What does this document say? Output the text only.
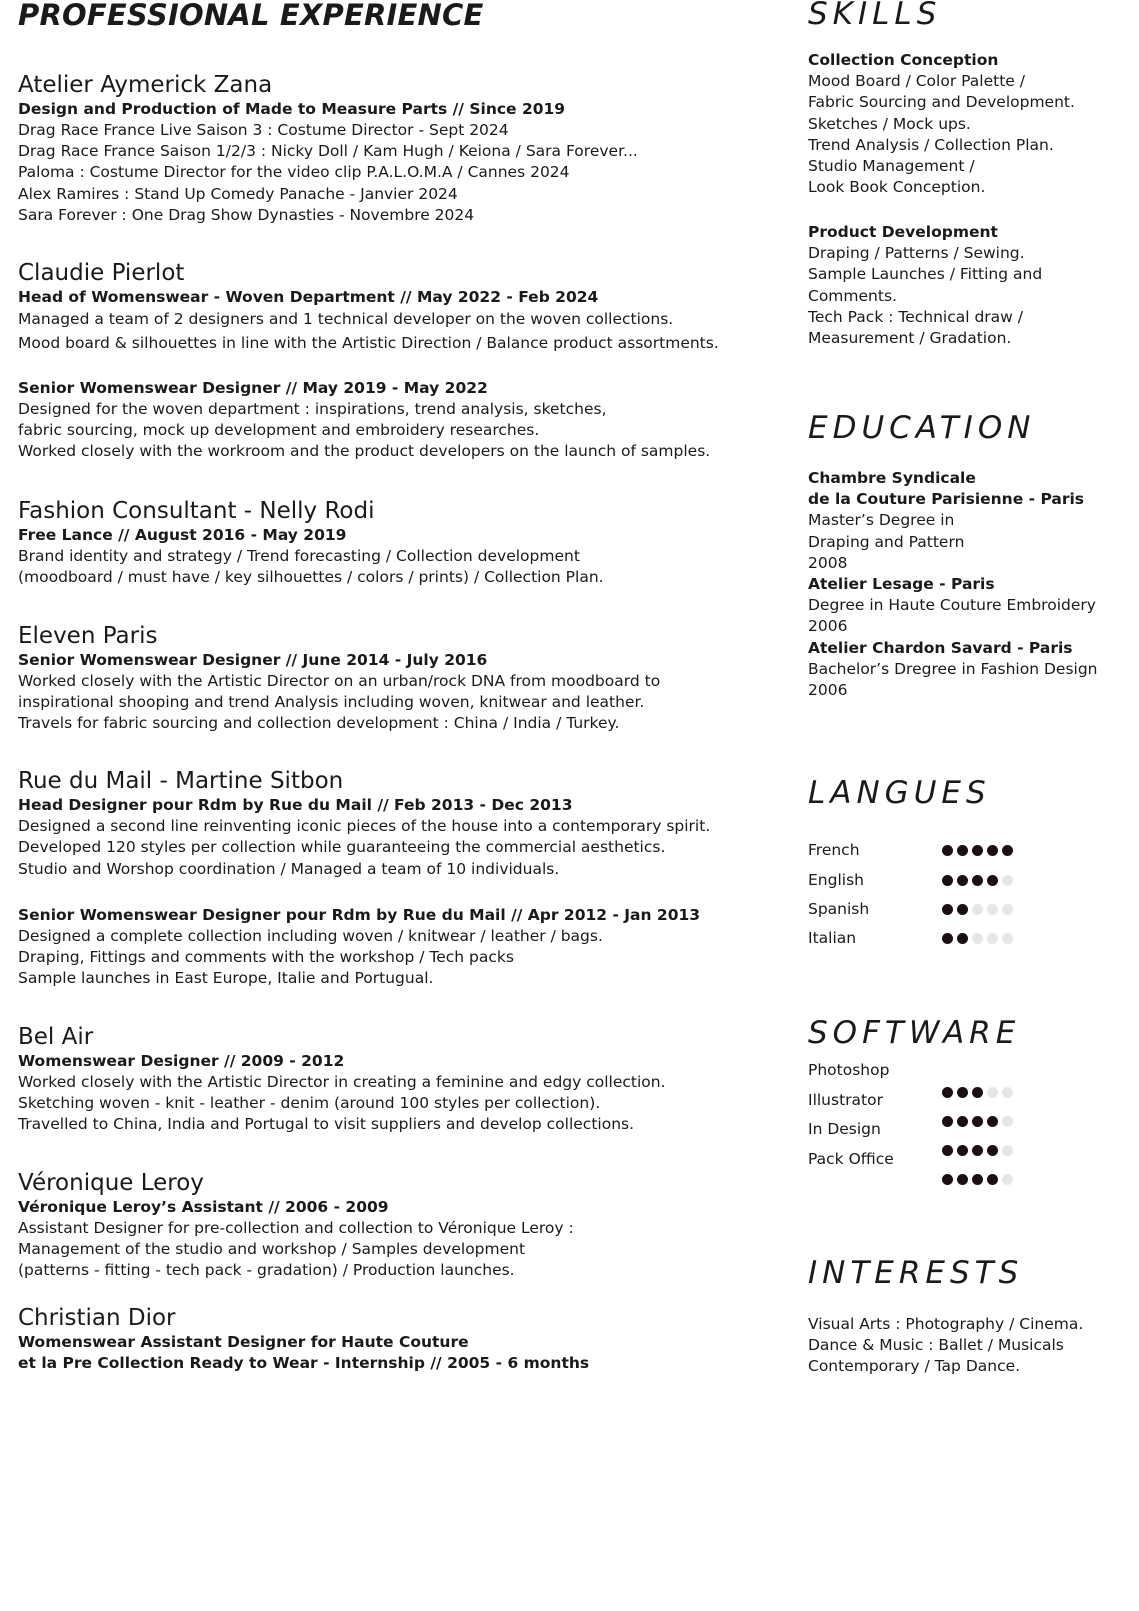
PROFESSIONAL EXPERIENCE
Atelier Aymerick Zana
Design and Production of Made to Measure Parts // Since 2019
Drag Race France Live Saison 3 : Costume Director - Sept 2024
Drag Race France Saison 1/2/3 : Nicky Doll / Kam Hugh / Keiona / Sara Forever...
Paloma : Costume Director for the video clip P.A.L.O.M.A / Cannes 2024
Alex Ramires : Stand Up Comedy Panache - Janvier 2024
Sara Forever : One Drag Show Dynasties - Novembre 2024
Claudie Pierlot
Head of Womenswear - Woven Department // May 2022 - Feb 2024
Managed a team of 2 designers and 1 technical developer on the woven collections.
Mood board & silhouettes in line with the Artistic Direction / Balance product assortments.
Senior Womenswear Designer // May 2019 - May 2022
Designed for the woven department : inspirations, trend analysis, sketches,
fabric sourcing, mock up development and embroidery researches.
Worked closely with the workroom and the product developers on the launch of samples.
Fashion Consultant - Nelly Rodi
Free Lance // August 2016 - May 2019
Brand identity and strategy / Trend forecasting / Collection development
(moodboard / must have / key silhouettes / colors / prints) / Collection Plan.
Eleven Paris
Senior Womenswear Designer // June 2014 - July 2016
Worked closely with the Artistic Director on an urban/rock DNA from moodboard to
inspirational shooping and trend Analysis including woven, knitwear and leather.
Travels for fabric sourcing and collection development : China / India / Turkey.
Rue du Mail - Martine Sitbon
Head Designer pour Rdm by Rue du Mail // Feb 2013 - Dec 2013
Designed a second line reinventing iconic pieces of the house into a contemporary spirit.
Developed 120 styles per collection while guaranteeing the commercial aesthetics.
Studio and Worshop coordination / Managed a team of 10 individuals.
Senior Womenswear Designer pour Rdm by Rue du Mail // Apr 2012 - Jan 2013
Designed a complete collection including woven / knitwear / leather / bags.
Draping, Fittings and comments with the workshop / Tech packs
Sample launches in East Europe, Italie and Portugual.
Bel Air
Womenswear Designer // 2009 - 2012
Worked closely with the Artistic Director in creating a feminine and edgy collection.
Sketching woven - knit - leather - denim (around 100 styles per collection).
Travelled to China, India and Portugal to visit suppliers and develop collections.
Véronique Leroy
Véronique Leroy’s Assistant // 2006 - 2009
Assistant Designer for pre-collection and collection to Véronique Leroy :
Management of the studio and workshop / Samples development
(patterns - fitting - tech pack - gradation) / Production launches.
Christian Dior
Womenswear Assistant Designer for Haute Couture
et la Pre Collection Ready to Wear - Internship // 2005 - 6 months
SKILLS
Collection Conception
Mood Board / Color Palette /
Fabric Sourcing and Development.
Sketches / Mock ups.
Trend Analysis / Collection Plan.
Studio Management /
Look Book Conception.
Product Development
Draping / Patterns / Sewing.
Sample Launches / Fitting and
Comments.
Tech Pack : Technical draw /
Measurement / Gradation.
EDUCATION
Chambre Syndicale
de la Couture Parisienne - Paris
Master’s Degree in
Draping and Pattern
2008
Atelier Lesage - Paris
Degree in Haute Couture Embroidery
2006
Atelier Chardon Savard - Paris
Bachelor’s Dregree in Fashion Design
2006
LANGUES
French
English
Spanish
Italian
SOFTWARE
Photoshop
Illustrator
In Design
Pack Office
INTERESTS
Visual Arts : Photography / Cinema.
Dance & Music : Ballet / Musicals
Contemporary / Tap Dance.
